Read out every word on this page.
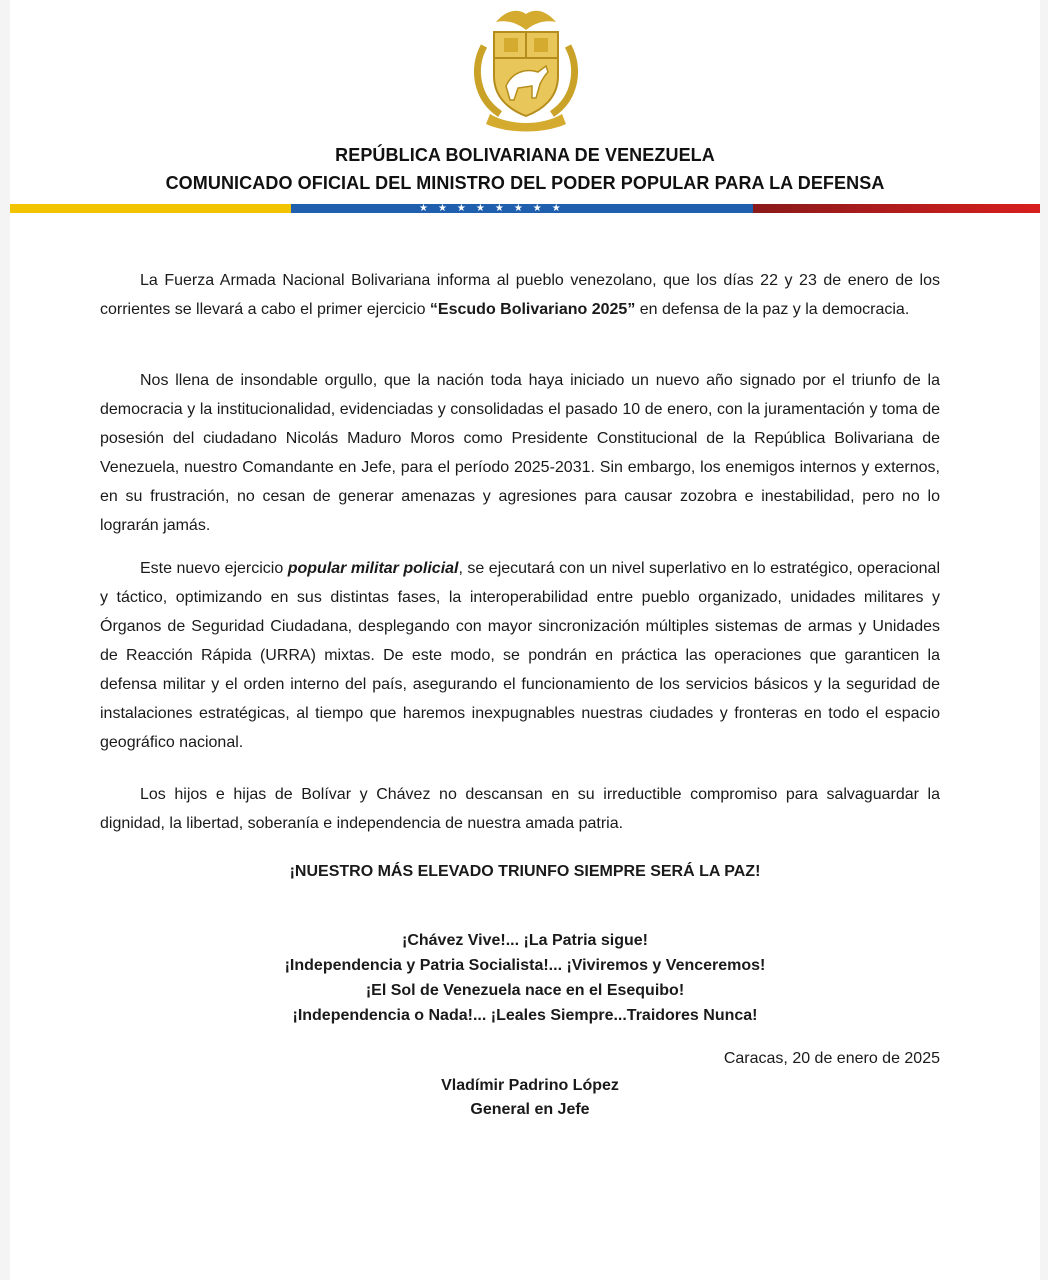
REPÚBLICA BOLIVARIANA DE VENEZUELA
COMUNICADO OFICIAL DEL MINISTRO DEL PODER POPULAR PARA LA DEFENSA
★★★★★★★★

La Fuerza Armada Nacional Bolivariana informa al pueblo venezolano, que los días 22 y 23 de enero de los corrientes se llevará a cabo el primer ejercicio “Escudo Bolivariano 2025” en defensa de la paz y la democracia.

Nos llena de insondable orgullo, que la nación toda haya iniciado un nuevo año signado por el triunfo de la democracia y la institucionalidad, evidenciadas y consolidadas el pasado 10 de enero, con la juramentación y toma de posesión del ciudadano Nicolás Maduro Moros como Presidente Constitucional de la República Bolivariana de Venezuela, nuestro Comandante en Jefe, para el período 2025-2031. Sin embargo, los enemigos internos y externos, en su frustración, no cesan de generar amenazas y agresiones para causar zozobra e inestabilidad, pero no lo lograrán jamás.

Este nuevo ejercicio popular militar policial, se ejecutará con un nivel superlativo en lo estratégico, operacional y táctico, optimizando en sus distintas fases, la interoperabilidad entre pueblo organizado, unidades militares y Órganos de Seguridad Ciudadana, desplegando con mayor sincronización múltiples sistemas de armas y Unidades de Reacción Rápida (URRA) mixtas. De este modo, se pondrán en práctica las operaciones que garanticen la defensa militar y el orden interno del país, asegurando el funcionamiento de los servicios básicos y la seguridad de instalaciones estratégicas, al tiempo que haremos inexpugnables nuestras ciudades y fronteras en todo el espacio geográfico nacional.

Los hijos e hijas de Bolívar y Chávez no descansan en su irreductible compromiso para salvaguardar la dignidad, la libertad, soberanía e independencia de nuestra amada patria.

¡NUESTRO MÁS ELEVADO TRIUNFO SIEMPRE SERÁ LA PAZ!
¡Chávez Vive!... ¡La Patria sigue!
¡Independencia y Patria Socialista!... ¡Viviremos y Venceremos!
¡El Sol de Venezuela nace en el Esequibo!
¡Independencia o Nada!... ¡Leales Siempre...Traidores Nunca!
Caracas, 20 de enero de 2025
Vladímir Padrino López
General en Jefe
